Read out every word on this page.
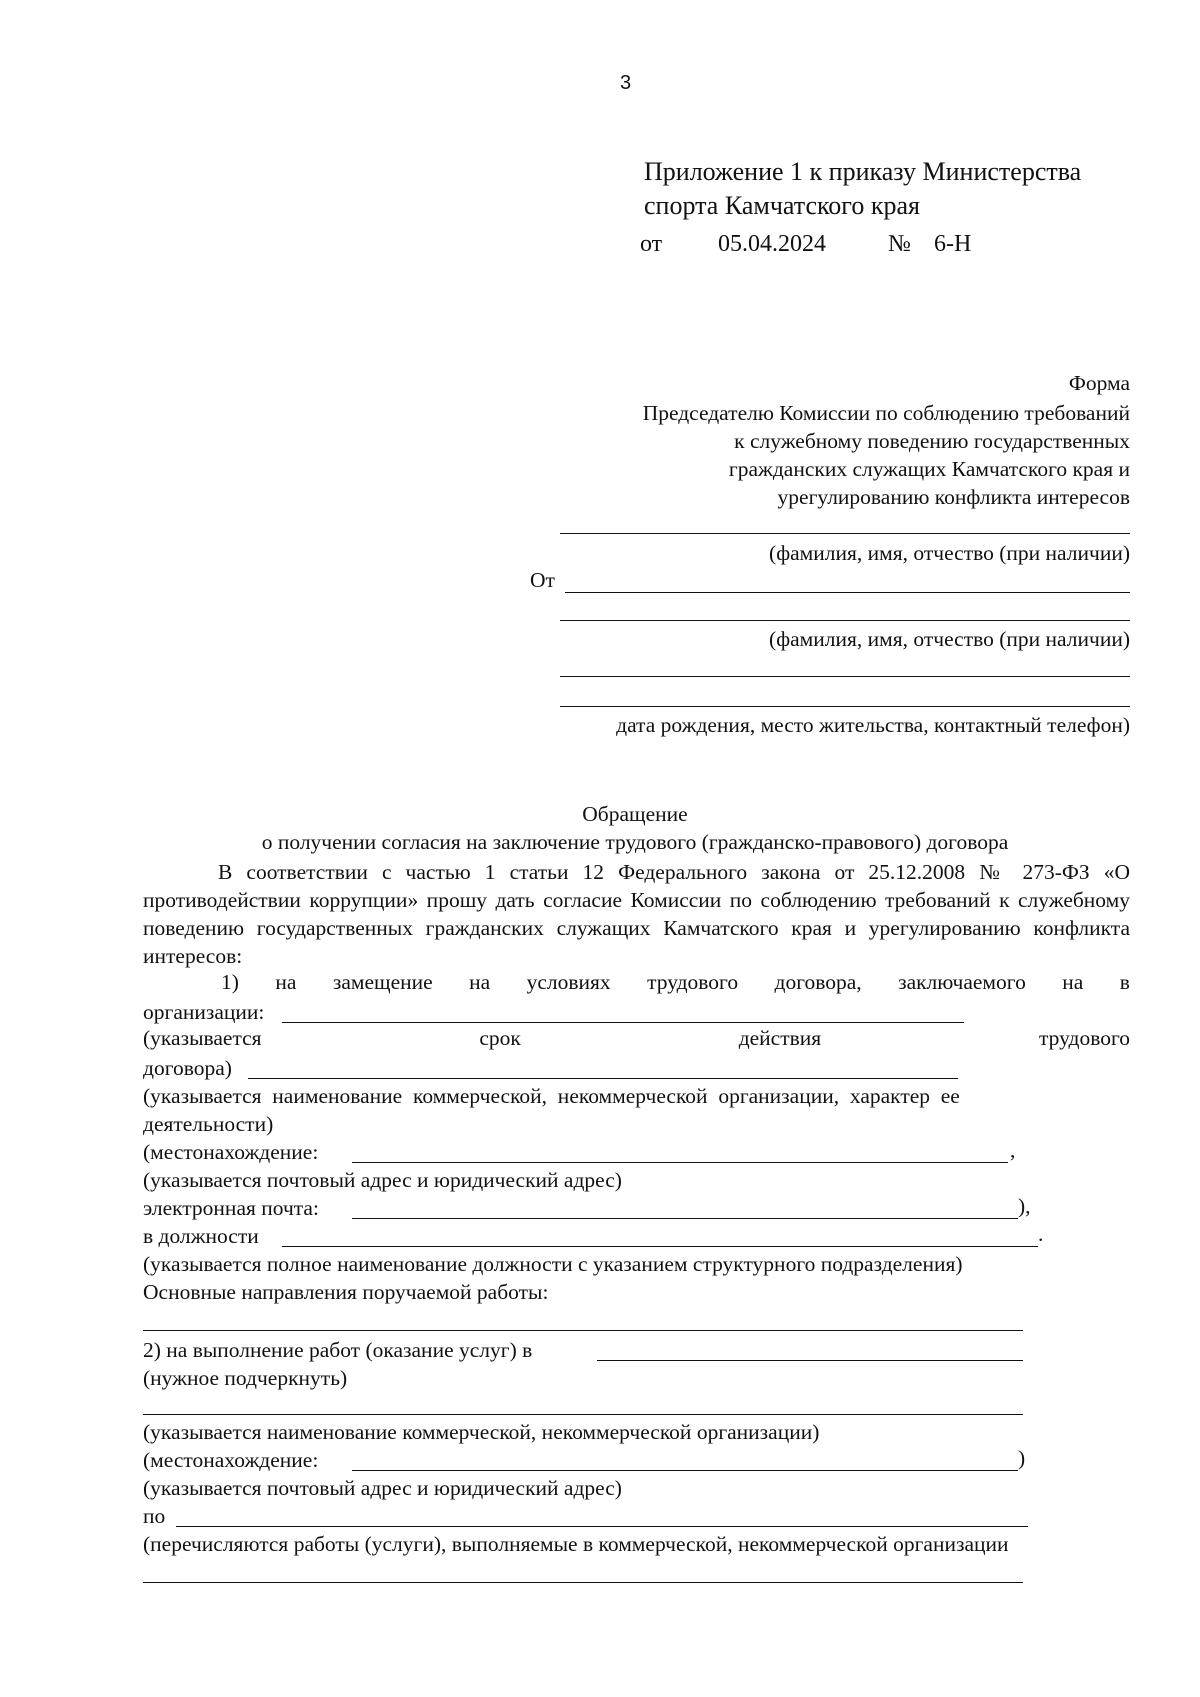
3
Приложение 1 к приказу Министерства
спорта Камчатского края
от	05.04.2024	№ 6-Н
Форма
Председателю Комиссии по соблюдению требований
к служебному поведению государственных
гражданских служащих Камчатского края и
урегулированию конфликта интересов
(фамилия, имя, отчество (при наличии)
От
(фамилия, имя, отчество (при наличии)
дата рождения, место жительства, контактный телефон)
Обращение
о получении согласия на заключение трудового (гражданско-правового) договора
В соответствии с частью 1 статьи 12 Федерального закона от 25.12.2008 № 273-ФЗ «О противодействии коррупции» прошу дать согласие Комиссии по соблюдению требований к служебному поведению государственных гражданских служащих Камчатского края и урегулированию конфликта интересов:
1) на замещение на условиях трудового договора, заключаемого на в
организации:
(указывается	срок	действия	трудового
договора)
(указывается  наименование  коммерческой,  некоммерческой  организации,  характер  ее
деятельности)
(местонахождение:	,
(указывается почтовый адрес и юридический адрес)
электронная почта:	),
в должности	.
(указывается полное наименование должности с указанием структурного подразделения)
Основные направления поручаемой работы:
2) на выполнение работ (оказание услуг) в
(нужное подчеркнуть)
(указывается наименование коммерческой, некоммерческой организации)
(местонахождение:	)
(указывается почтовый адрес и юридический адрес)
по
(перечисляются работы (услуги), выполняемые в коммерческой, некоммерческой организации
